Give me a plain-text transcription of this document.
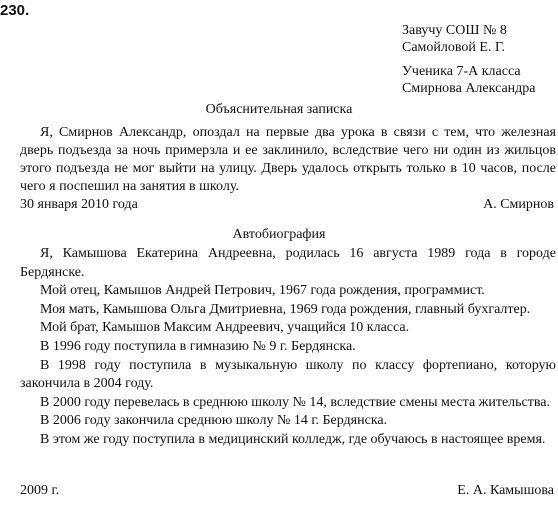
230.
Завучу СОШ № 8
Самойловой Е. Г.
Ученика 7-А класса
Смирнова Александра
Объяснительная записка
Я, Смирнов Александр, опоздал на первые два урока в связи с тем, что железная дверь подъезда за ночь примерзла и ее заклинило, вследствие чего ни один из жильцов этого подъезда не мог выйти на улицу. Дверь удалось открыть только в 10 часов, после чего я поспешил на занятия в школу.
30 января 2010 года	А. Смирнов
Автобиография
Я, Камышова Екатерина Андреевна, родилась 16 августа 1989 года в городе Бердянске.
Мой отец, Камышов Андрей Петрович, 1967 года рождения, программист.
Моя мать, Камышова Ольга Дмитриевна, 1969 года рождения, главный бухгалтер.
Мой брат, Камышов Максим Андреевич, учащийся 10 класса.
В 1996 году поступила в гимназию № 9 г. Бердянска.
В 1998 году поступила в музыкальную школу по классу фортепиано, которую закончила в 2004 году.
В 2000 году перевелась в среднюю школу № 14, вследствие смены места жительства.
В 2006 году закончила среднюю школу № 14 г. Бердянска.
В этом же году поступила в медицинский колледж, где обучаюсь в настоящее время.
2009 г.	Е. А. Камышова
